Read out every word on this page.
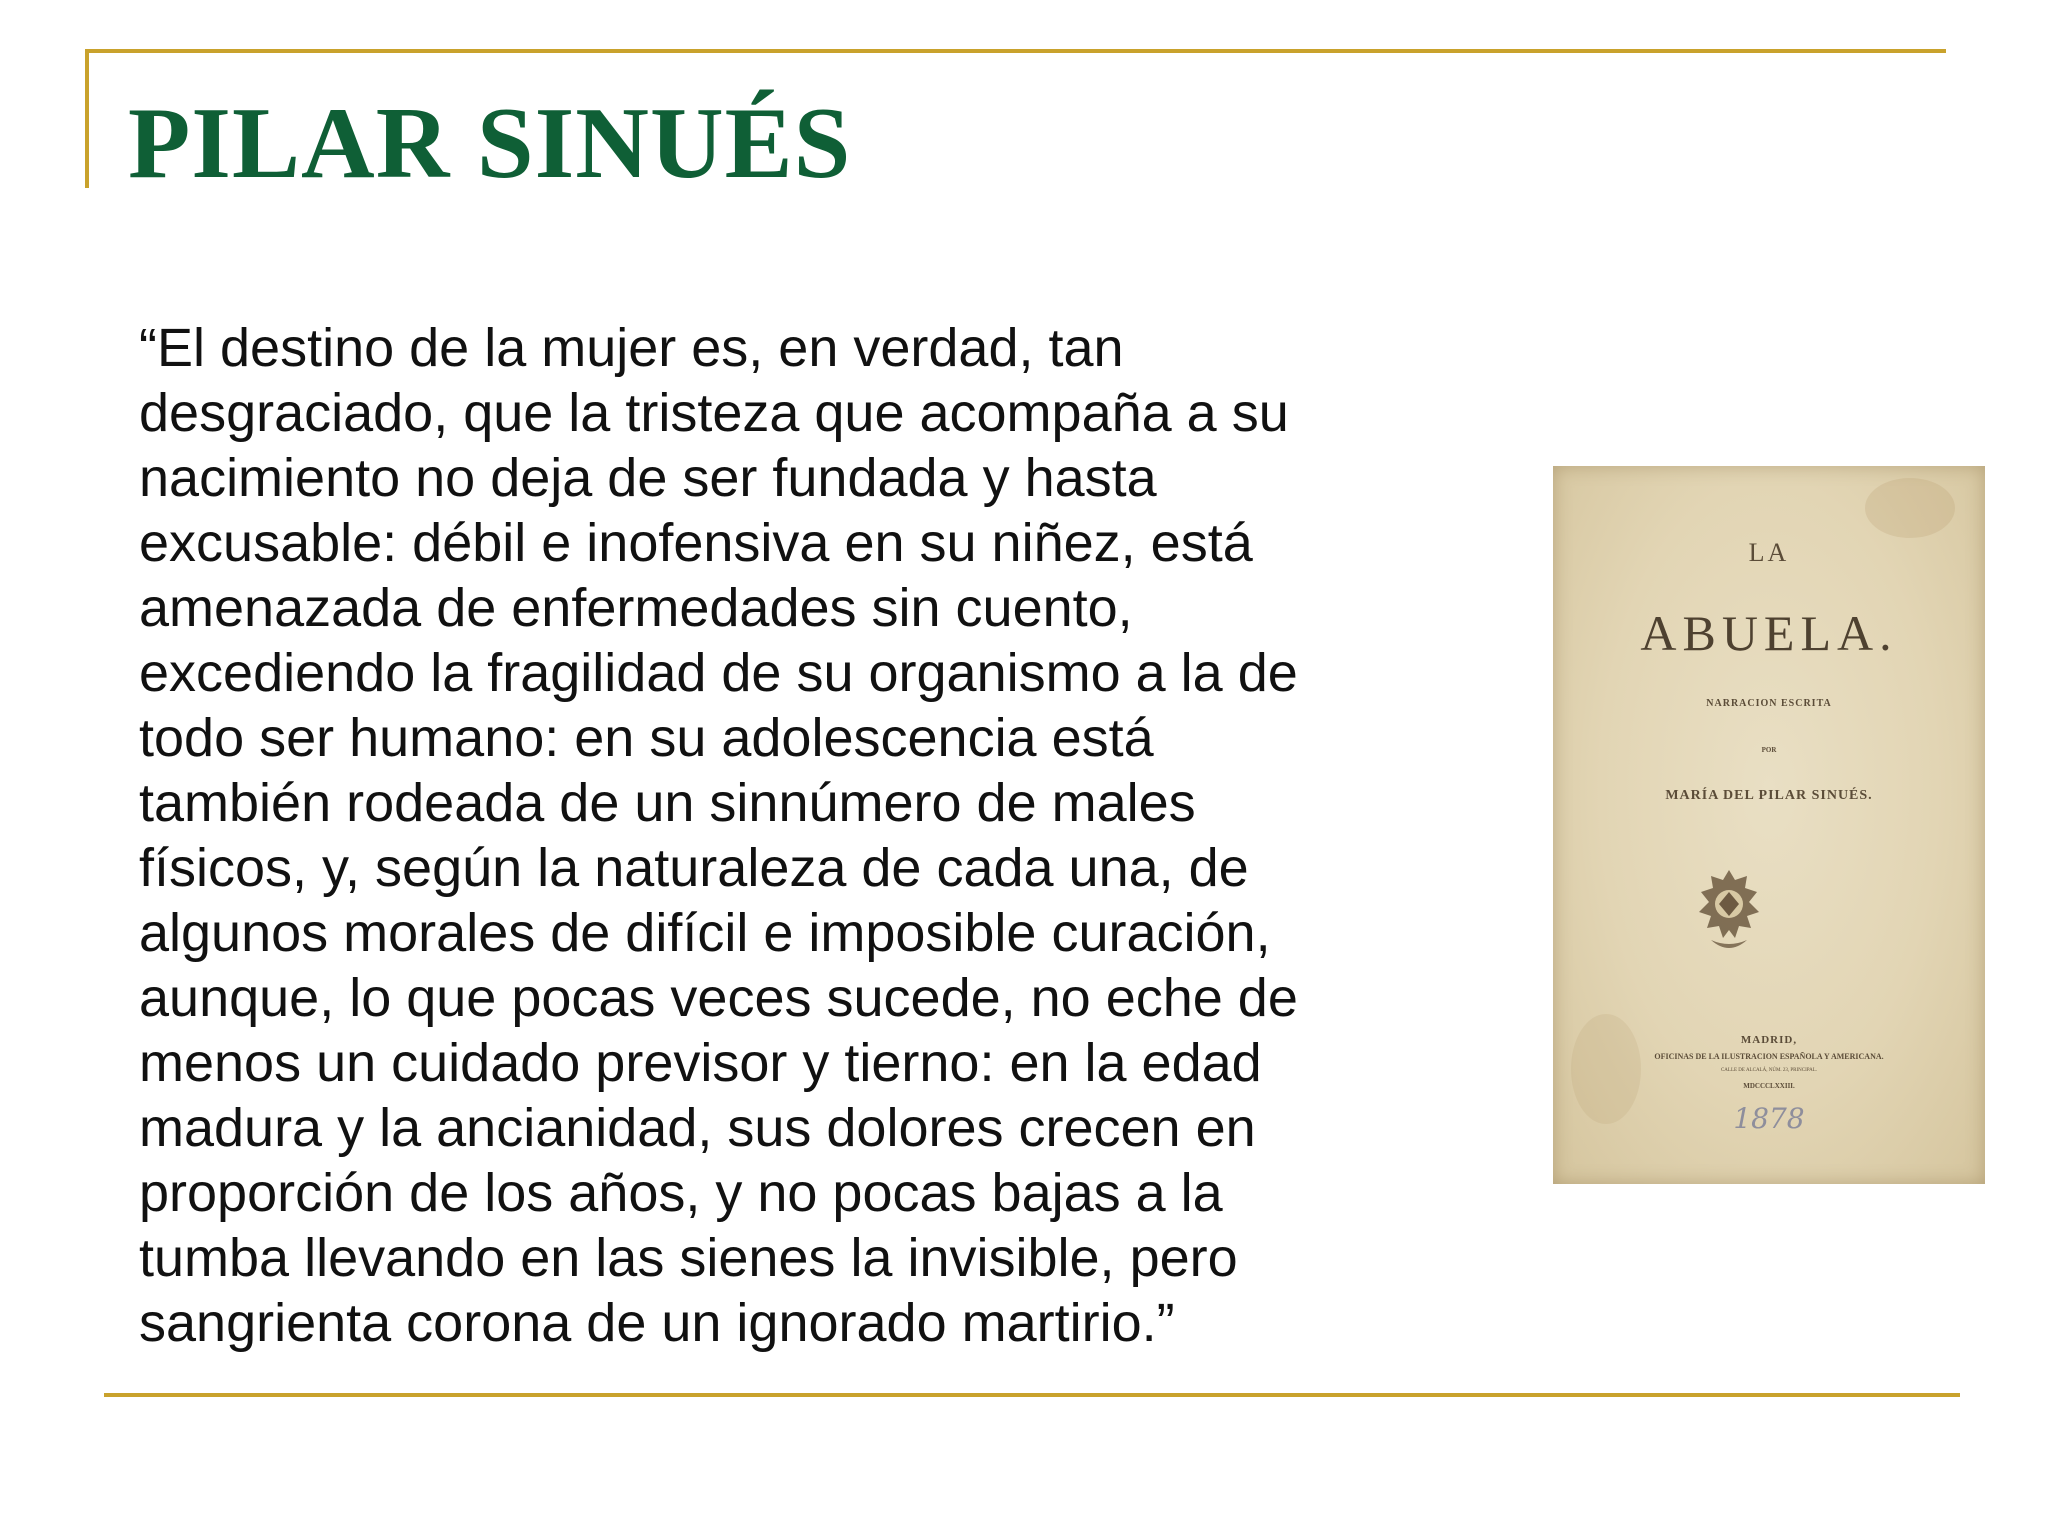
PILAR SINUÉS

“El destino de la mujer es, en verdad, tan
desgraciado, que la tristeza que acompaña a su
nacimiento no deja de ser fundada y hasta
excusable: débil e inofensiva en su niñez, está
amenazada de enfermedades sin cuento,
excediendo la fragilidad de su organismo a la de
todo ser humano: en su adolescencia está
también rodeada de un sinnúmero de males
físicos, y, según la naturaleza de cada una, de
algunos morales de difícil e imposible curación,
aunque, lo que pocas veces sucede, no eche de
menos un cuidado previsor y tierno: en la edad
madura y la ancianidad, sus dolores crecen en
proporción de los años, y no pocas bajas a la
tumba llevando en las sienes la invisible, pero
sangrienta corona de un ignorado martirio.”

LA
ABUELA.
NARRACION ESCRITA
POR
MARÍA DEL PILAR SINUÉS.
MADRID,
OFICINAS DE LA ILUSTRACION ESPAÑOLA Y AMERICANA.
CALLE DE ALCALÁ, NÚM. 23, PRINCIPAL.
MDCCCLXXIII.
1878
